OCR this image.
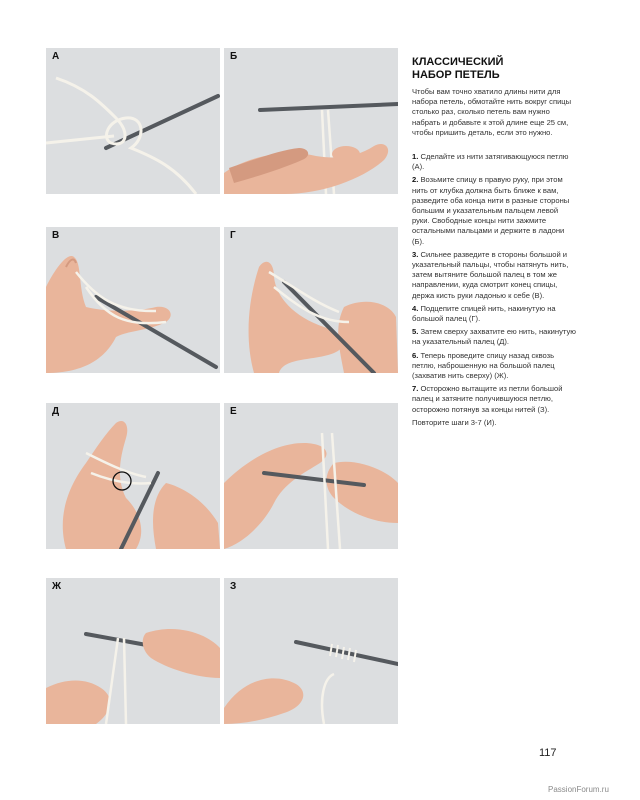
А	Б
В	Г
Д	Е
Ж	З
КЛАССИЧЕСКИЙ
НАБОР ПЕТЕЛЬ

Чтобы вам точно хватило длины нити для набора петель, обмотайте нить вокруг спицы столько раз, сколько петель вам нужно набрать и добавьте к этой длине еще 25 см, чтобы пришить деталь, если это нужно.

1. Сделайте из нити затягивающуюся петлю (А).
2. Возьмите спицу в правую руку, при этом нить от клубка должна быть ближе к вам, разведите оба конца нити в разные стороны большим и указательным пальцем левой руки. Свободные концы нити зажмите остальными пальцами и держите в ладони (Б).
3. Сильнее разведите в стороны большой и указательный пальцы, чтобы натянуть нить, затем вытяните большой палец в том же направлении, куда смотрит конец спицы, держа кисть руки ладонью к себе (В).
4. Подцепите спицей нить, накинутую на большой палец (Г).
5. Затем сверху захватите ею нить, накинутую на указательный палец (Д).
6. Теперь проведите спицу назад сквозь петлю, наброшенную на большой палец (захватив нить сверху) (Ж).
7. Осторожно вытащите из петли большой палец и затяните получившуюся петлю, осторожно потянув за концы нитей (З).

Повторите шаги 3-7 (И).

117
PassionForum.ru
